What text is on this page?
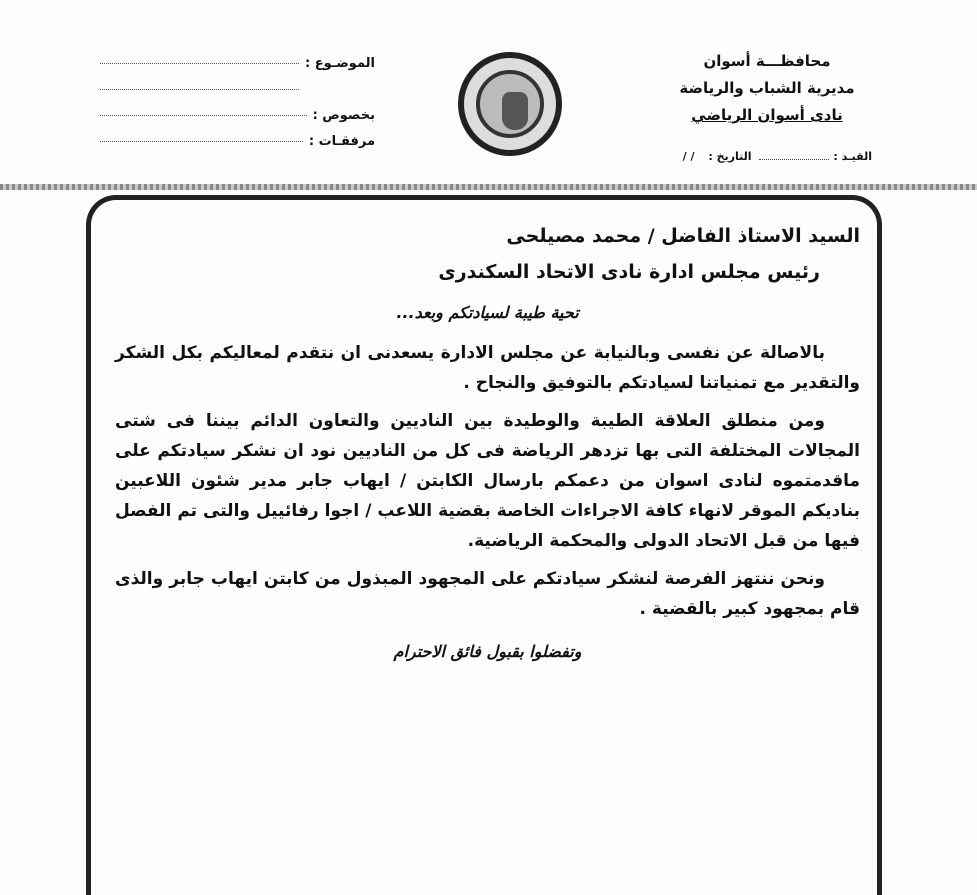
محافظـــة أسوان
مديرية الشباب والرياضة
نادى أسوان الرياضي
القيـد : التاريخ : / /
الموضـوع :
بخصوص :
مرفقـات :
السيد الاستاذ الفاضل / محمد مصيلحى
رئيس مجلس ادارة نادى الاتحاد السكندرى
تحية طيبة لسيادتكم وبعد...
بالاصالة عن نفسى وبالنيابة عن مجلس الادارة يسعدنى ان نتقدم لمعاليكم بكل الشكر والتقدير مع تمنياتنا لسيادتكم بالتوفيق والنجاح .
ومن منطلق العلاقة الطيبة والوطيدة بين الناديين والتعاون الدائم بيننا فى شتى المجالات المختلفة التى بها تزدهر الرياضة فى كل من الناديين نود ان نشكر سيادتكم على ماقدمتموه لنادى اسوان من دعمكم بارسال الكابتن / ايهاب جابر مدير شئون اللاعبين بناديكم الموقر لانهاء كافة الاجراءات الخاصة بقضية اللاعب / اجوا رفائييل والتى تم الفصل فيها من قبل الاتحاد الدولى والمحكمة الرياضية.
ونحن ننتهز الفرصة لنشكر سيادتكم على المجهود المبذول من كابتن ايهاب جابر والذى قام بمجهود كبير بالقضية .
وتفضلوا بقبول فائق الاحترام
